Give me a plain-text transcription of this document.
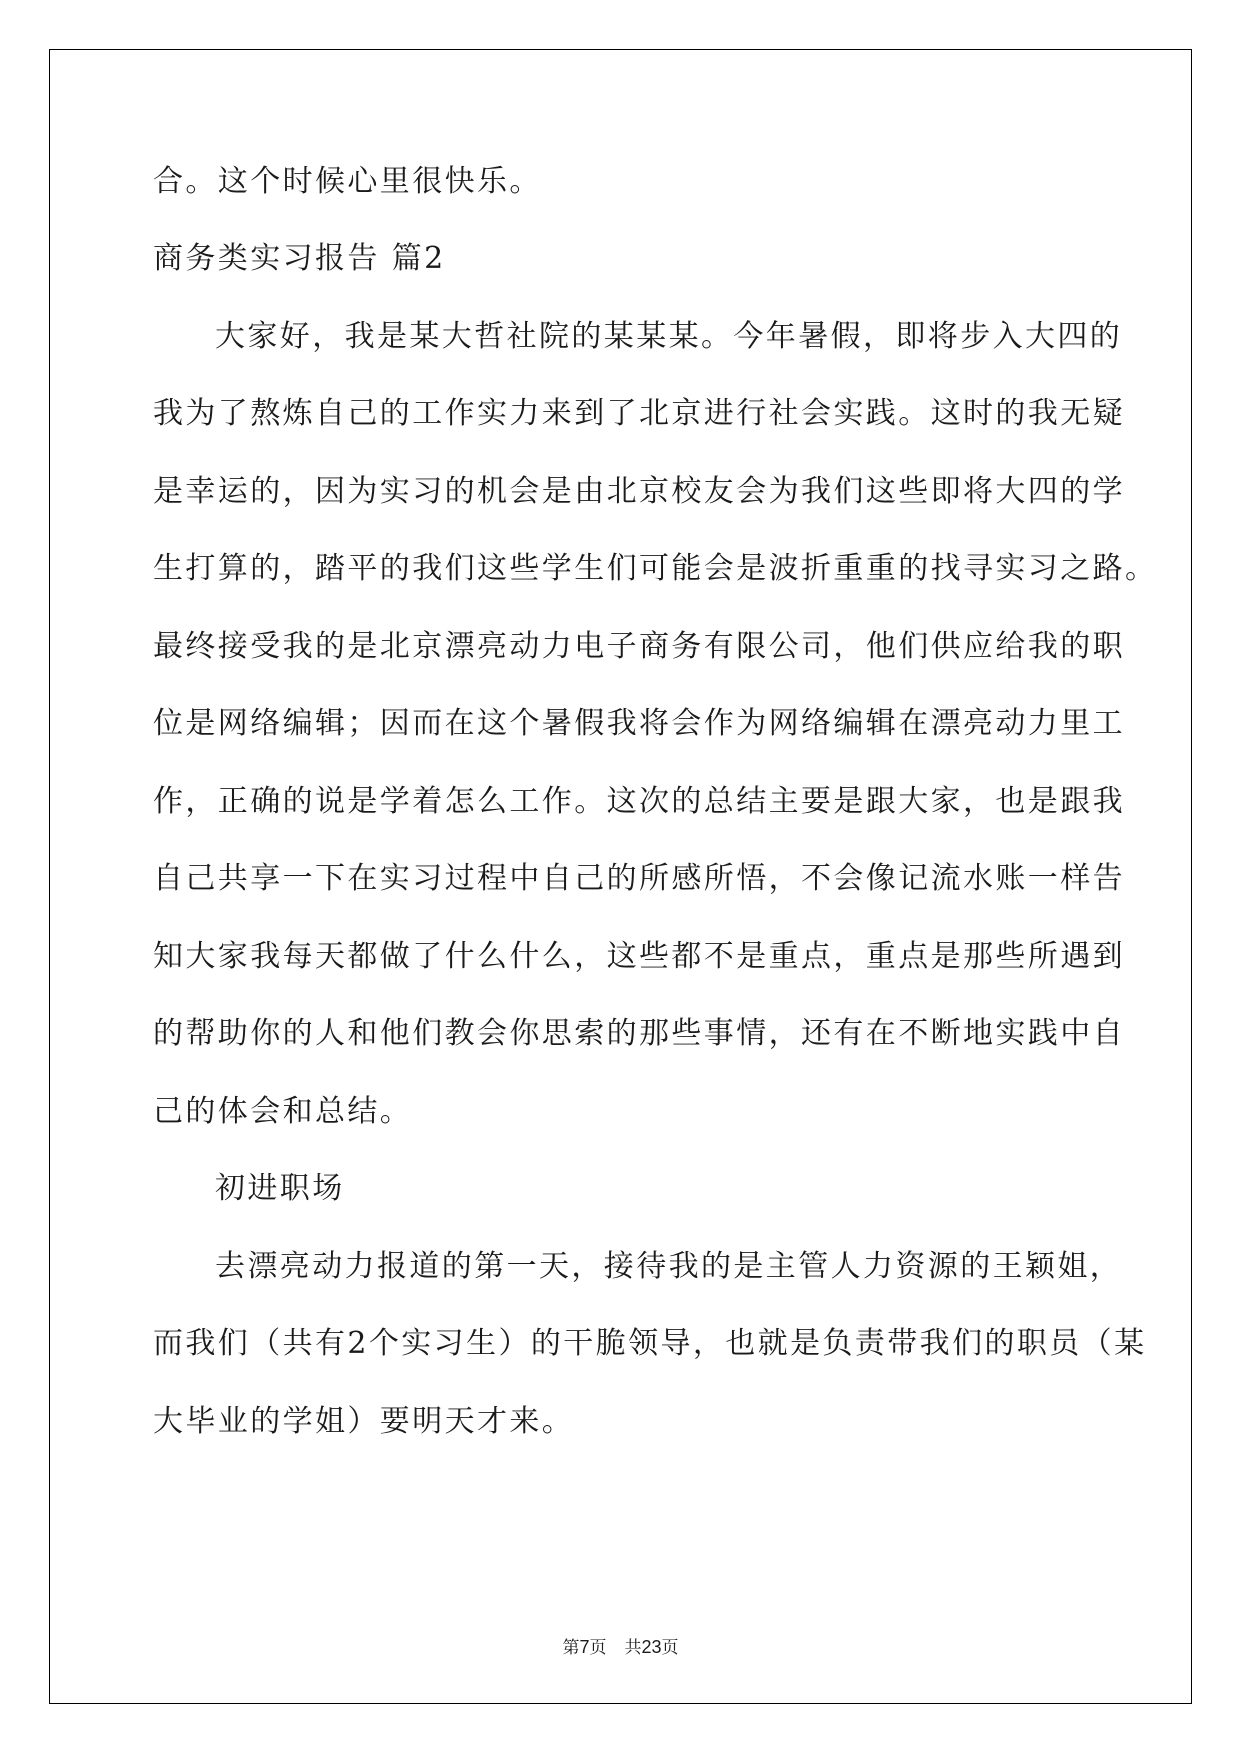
合。这个时候心里很快乐。
商务类实习报告 篇2
大家好，我是某大哲社院的某某某。今年暑假，即将步入大四的
我为了熬炼自己的工作实力来到了北京进行社会实践。这时的我无疑
是幸运的，因为实习的机会是由北京校友会为我们这些即将大四的学
生打算的，踏平的我们这些学生们可能会是波折重重的找寻实习之路。
最终接受我的是北京漂亮动力电子商务有限公司，他们供应给我的职
位是网络编辑；因而在这个暑假我将会作为网络编辑在漂亮动力里工
作，正确的说是学着怎么工作。这次的总结主要是跟大家，也是跟我
自己共享一下在实习过程中自己的所感所悟，不会像记流水账一样告
知大家我每天都做了什么什么，这些都不是重点，重点是那些所遇到
的帮助你的人和他们教会你思索的那些事情，还有在不断地实践中自
己的体会和总结。
初进职场
去漂亮动力报道的第一天，接待我的是主管人力资源的王颖姐，
而我们（共有2个实习生）的干脆领导，也就是负责带我们的职员（某
大毕业的学姐）要明天才来。
第7页 共23页
